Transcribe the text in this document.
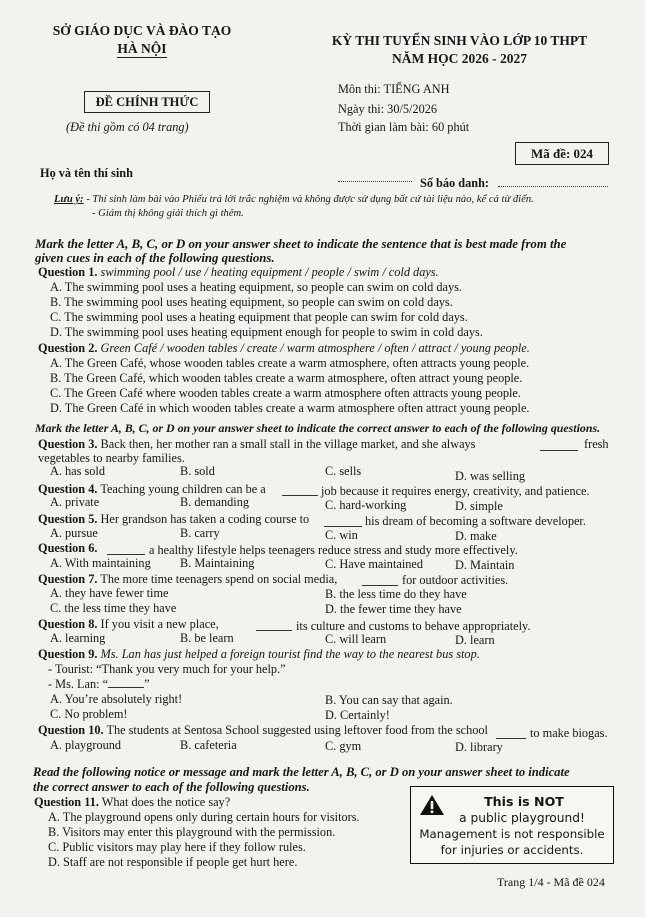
SỞ GIÁO DỤC VÀ ĐÀO TẠO
HÀ NỘI
KỲ THI TUYỂN SINH VÀO LỚP 10 THPT
NĂM HỌC 2026 - 2027
ĐỀ CHÍNH THỨC
(Đề thi gồm có 04 trang)
Môn thi: TIẾNG ANH
Ngày thi: 30/5/2026
Thời gian làm bài: 60 phút
Mã đề: 024
Họ và tên thí sinh
Số báo danh:
Lưu ý: - Thí sinh làm bài vào Phiếu trả lời trắc nghiệm và không được sử dụng bất cứ tài liệu nào, kể cả từ điển.
- Giám thị không giải thích gì thêm.
Mark the letter A, B, C, or D on your answer sheet to indicate the sentence that is best made from the
given cues in each of the following questions.
Question 1. swimming pool / use / heating equipment / people / swim / cold days.
A. The swimming pool uses a heating equipment, so people can swim on cold days.
B. The swimming pool uses heating equipment, so people can swim on cold days.
C. The swimming pool uses a heating equipment that people can swim for cold days.
D. The swimming pool uses heating equipment enough for people to swim in cold days.
Question 2. Green Café / wooden tables / create / warm atmosphere / often / attract / young people.
A. The Green Café, whose wooden tables create a warm atmosphere, often attracts young people.
B. The Green Café, which wooden tables create a warm atmosphere, often attract young people.
C. The Green Café where wooden tables create a warm atmosphere often attracts young people.
D. The Green Café in which wooden tables create a warm atmosphere often attract young people.
Mark the letter A, B, C, or D on your answer sheet to indicate the correct answer to each of the following questions.
Question 3. Back then, her mother ran a small stall in the village market, and she always	fresh
vegetables to nearby families.
A. has sold	B. sold	C. sells	D. was selling
Question 4. Teaching young children can be a	job because it requires energy, creativity, and patience.
A. private	B. demanding	C. hard-working	D. simple
Question 5. Her grandson has taken a coding course to	his dream of becoming a software developer.
A. pursue	B. carry	C. win	D. make
Question 6.	a healthy lifestyle helps teenagers reduce stress and study more effectively.
A. With maintaining B. Maintaining	C. Have maintained	D. Maintain
Question 7. The more time teenagers spend on social media,	for outdoor activities.
A. they have fewer time	B. the less time do they have
C. the less time they have	D. the fewer time they have
Question 8. If you visit a new place,	its culture and customs to behave appropriately.
A. learning	B. be learn	C. will learn	D. learn
Question 9. Ms. Lan has just helped a foreign tourist find the way to the nearest bus stop.
- Tourist: “Thank you very much for your help.”
- Ms. Lan: “	”
A. You’re absolutely right!	B. You can say that again.
C. No problem!	D. Certainly!
Question 10. The students at Sentosa School suggested using leftover food from the school	to make biogas.
A. playground	B. cafeteria	C. gym	D. library
Read the following notice or message and mark the letter A, B, C, or D on your answer sheet to indicate
the correct answer to each of the following questions.
Question 11. What does the notice say?
A. The playground opens only during certain hours for visitors.
B. Visitors may enter this playground with the permission.
C. Public visitors may play here if they follow rules.
D. Staff are not responsible if people get hurt here.
This is NOT
a public playground!
Management is not responsible
for injuries or accidents.
Trang 1/4 - Mã đề 024
